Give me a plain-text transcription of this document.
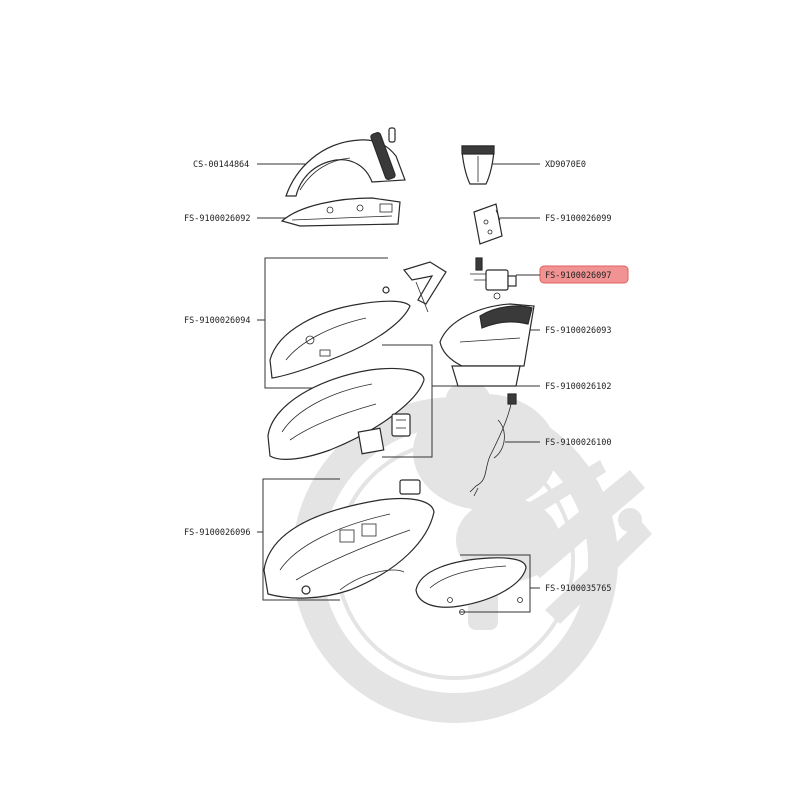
CS-00144864
FS-9100026092
FS-9100026094
FS-9100026096
XD9070E0
FS-9100026099
FS-9100026097
FS-9100026093
FS-9100026102
FS-9100026100
FS-9100035765
